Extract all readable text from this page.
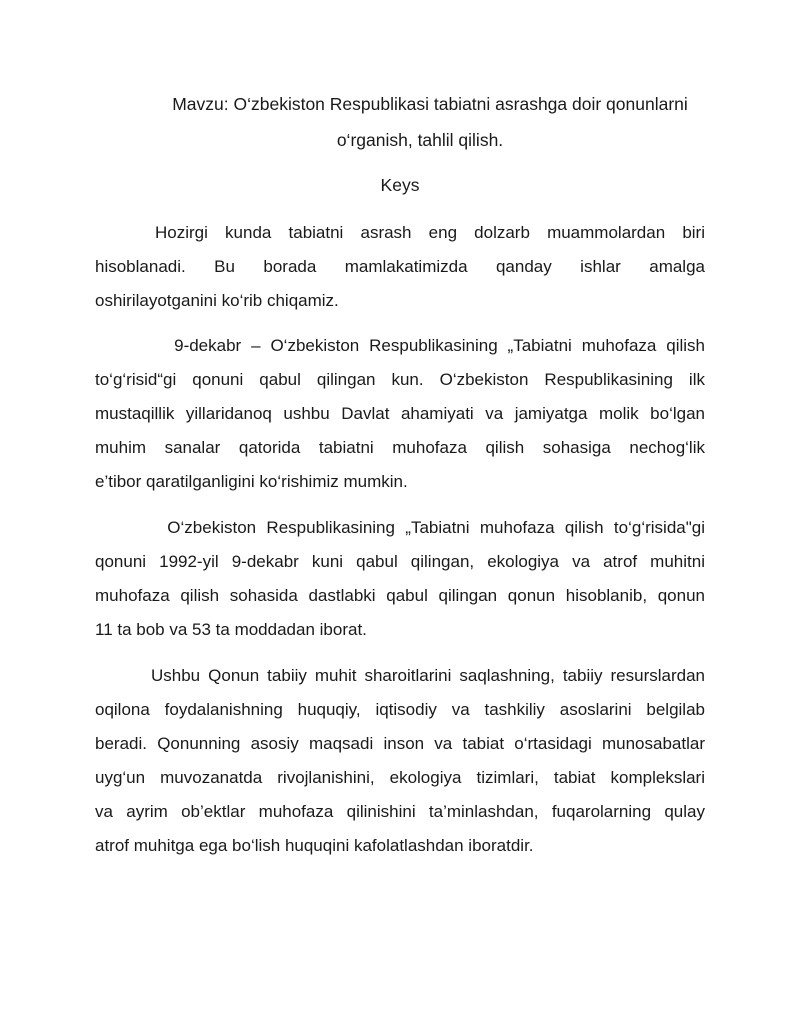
Mavzu: O‘zbekiston Respublikasi tabiatni asrashga doir qonunlarni
o‘rganish, tahlil qilish.
Keys
Hozirgi  kunda  tabiatni  asrash  eng  dolzarb  muammolardan  biri
hisoblanadi.   Bu   borada   mamlakatimizda   qanday   ishlar   amalga
oshirilayotganini ko‘rib chiqamiz.
9-dekabr – O‘zbekiston Respublikasining „Tabiatni muhofaza qilish
to‘g‘risid“gi qonuni qabul qilingan kun. O‘zbekiston Respublikasining ilk
mustaqillik yillaridanoq ushbu Davlat ahamiyati va jamiyatga molik bo‘lgan
muhim sanalar qatorida tabiatni muhofaza qilish sohasiga nechog‘lik
e’tibor qaratilganligini ko‘rishimiz mumkin.
O‘zbekiston Respublikasining „Tabiatni muhofaza qilish to‘g‘risida"gi
qonuni 1992-yil 9-dekabr kuni qabul qilingan, ekologiya va atrof muhitni
muhofaza qilish sohasida dastlabki qabul qilingan qonun hisoblanib, qonun
11 ta bob va 53 ta moddadan iborat.
Ushbu Qonun tabiiy muhit sharoitlarini saqlashning, tabiiy resurslardan
oqilona foydalanishning huquqiy, iqtisodiy va tashkiliy asoslarini belgilab
beradi. Qonunning asosiy maqsadi inson va tabiat o‘rtasidagi munosabatlar
uyg‘un muvozanatda rivojlanishini, ekologiya tizimlari, tabiat komplekslari
va ayrim ob’ektlar muhofaza qilinishini ta’minlashdan, fuqarolarning qulay
atrof muhitga ega bo‘lish huquqini kafolatlashdan iboratdir.
